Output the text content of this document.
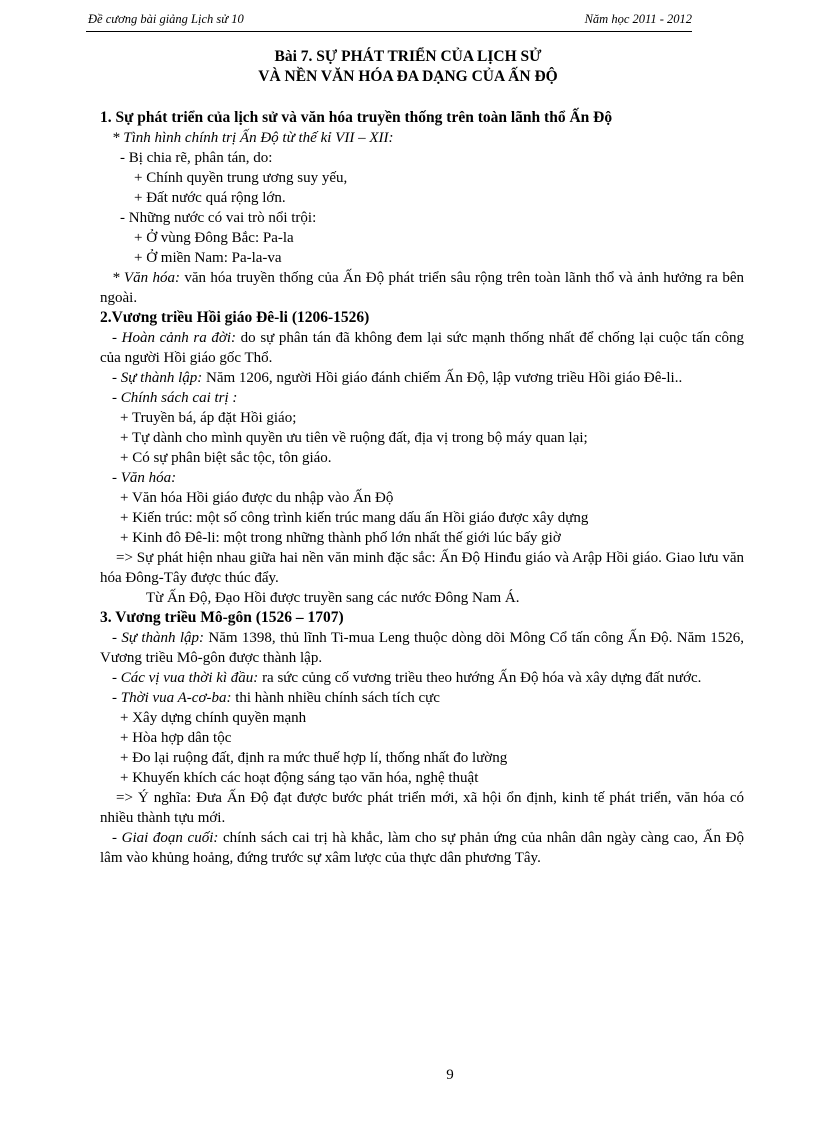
Đề cương bài giảng Lịch sử 10	Năm học 2011 - 2012
Bài 7. SỰ PHÁT TRIỂN CỦA LỊCH SỬ
VÀ NỀN VĂN HÓA ĐA DẠNG CỦA ẤN ĐỘ

1. Sự phát triển của lịch sử và văn hóa truyền thống trên toàn lãnh thổ Ấn Độ

* Tình hình chính trị Ấn Độ từ thế kỉ VII – XII:

- Bị chia rẽ, phân tán, do:

+ Chính quyền trung ương suy yếu,

+ Đất nước quá rộng lớn.

- Những nước có vai trò nổi trội:

+ Ở vùng Đông Bắc: Pa-la

+ Ở miền Nam: Pa-la-va

* Văn hóa: văn hóa truyền thống của Ấn Độ phát triển sâu rộng trên toàn lãnh thổ và ảnh hưởng ra bên ngoài.

2.Vương triều Hồi giáo Đê-li (1206-1526)

- Hoàn cảnh ra đời: do sự phân tán đã không đem lại sức mạnh thống nhất để chống lại cuộc tấn công của người Hồi giáo gốc Thổ.

- Sự thành lập: Năm 1206, người Hồi giáo đánh chiếm Ấn Độ, lập vương triều Hồi giáo Đê-li..

- Chính sách cai trị :

+ Truyền bá, áp đặt Hồi giáo;

+ Tự dành cho mình quyền ưu tiên về ruộng đất, địa vị trong bộ máy quan lại;

+ Có sự phân biệt sắc tộc, tôn giáo.

- Văn hóa:

+ Văn hóa Hồi giáo được du nhập vào Ấn Độ

+ Kiến trúc: một số công trình kiến trúc mang dấu ấn Hồi giáo được xây dựng

+ Kinh đô Đê-li: một trong những thành phố lớn nhất thế giới lúc bấy giờ

=> Sự phát hiện nhau giữa hai nền văn minh đặc sắc: Ấn Độ Hinđu giáo và Arập Hồi giáo. Giao lưu văn hóa Đông-Tây được thúc đẩy.

Từ Ấn Độ, Đạo Hồi được truyền sang các nước Đông Nam Á.

3. Vương triều Mô-gôn (1526 – 1707)

- Sự thành lập: Năm 1398, thủ lĩnh Ti-mua Leng thuộc dòng dõi Mông Cổ tấn công Ấn Độ. Năm 1526, Vương triều Mô-gôn được thành lập.

- Các vị vua thời kì đầu: ra sức củng cố vương triều theo hướng Ấn Độ hóa và xây dựng đất nước.

- Thời vua A-cơ-ba: thi hành nhiều chính sách tích cực

+ Xây dựng chính quyền mạnh

+ Hòa hợp dân tộc

+ Đo lại ruộng đất, định ra mức thuế hợp lí, thống nhất đo lường

+ Khuyến khích các hoạt động sáng tạo văn hóa, nghệ thuật

=> Ý nghĩa: Đưa Ấn Độ đạt được bước phát triển mới, xã hội ổn định, kinh tế phát triển, văn hóa có nhiều thành tựu mới.

- Giai đoạn cuối: chính sách cai trị hà khắc, làm cho sự phản ứng của nhân dân ngày càng cao, Ấn Độ lâm vào khủng hoảng, đứng trước sự xâm lược của thực dân phương Tây.

9
